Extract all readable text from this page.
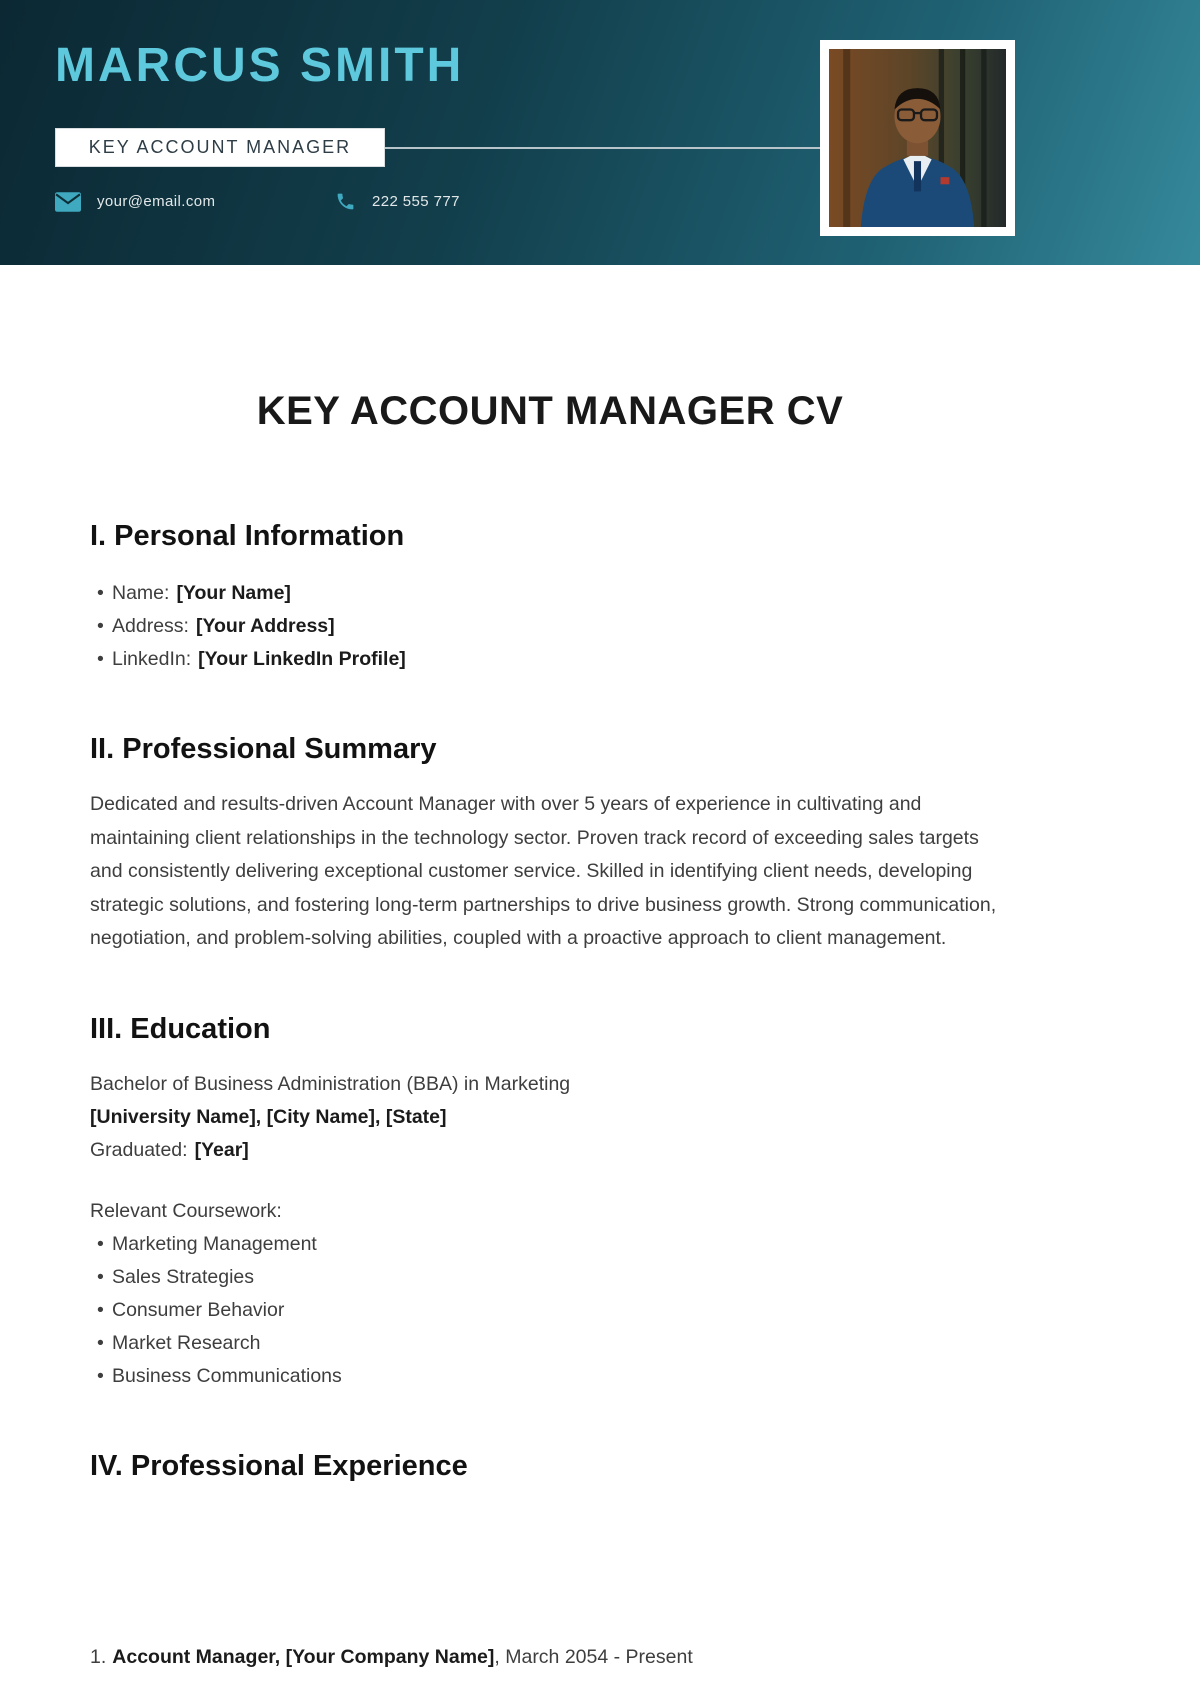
MARCUS SMITH
KEY ACCOUNT MANAGER
your@email.com	222 555 777
KEY ACCOUNT MANAGER CV
I. Personal Information
• Name: [Your Name]
• Address: [Your Address]
• LinkedIn: [Your LinkedIn Profile]
II. Professional Summary

Dedicated and results-driven Account Manager with over 5 years of experience in cultivating and maintaining client relationships in the technology sector. Proven track record of exceeding sales targets and consistently delivering exceptional customer service. Skilled in identifying client needs, developing strategic solutions, and fostering long-term partnerships to drive business growth. Strong communication, negotiation, and problem-solving abilities, coupled with a proactive approach to client management.

III. Education
Bachelor of Business Administration (BBA) in Marketing
[University Name], [City Name], [State]
Graduated: [Year]
Relevant Coursework:
• Marketing Management
• Sales Strategies
• Consumer Behavior
• Market Research
• Business Communications
IV. Professional Experience
1. Account Manager, [Your Company Name], March 2054 - Present
